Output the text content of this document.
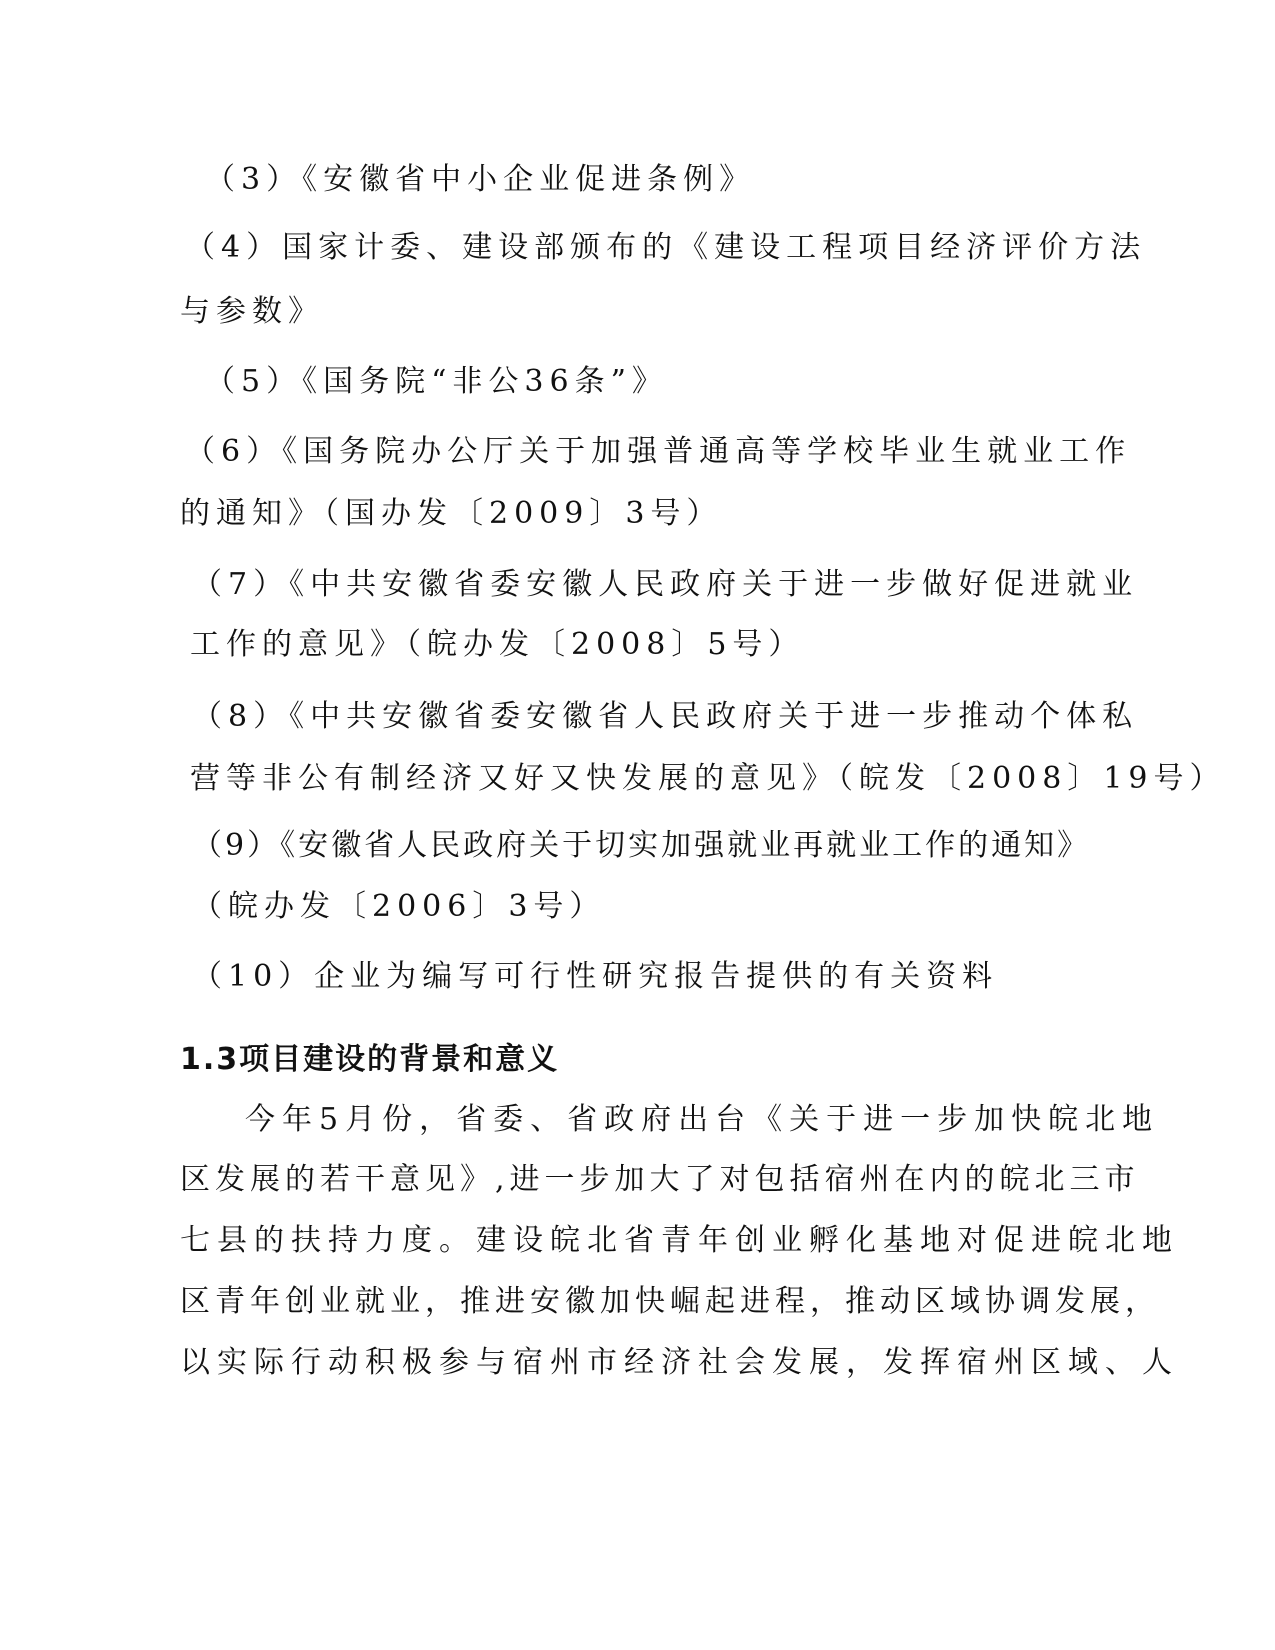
（3）《安徽省中小企业促进条例》
（4）国家计委、建设部颁布的《建设工程项目经济评价方法
与参数》
（5）《国务院“非公36条”》
（6）《国务院办公厅关于加强普通高等学校毕业生就业工作
的通知》（国办发〔2009〕3号）
（7）《中共安徽省委安徽人民政府关于进一步做好促进就业
工作的意见》（皖办发〔2008〕5号）
（8）《中共安徽省委安徽省人民政府关于进一步推动个体私
营等非公有制经济又好又快发展的意见》（皖发〔2008〕19号）
（9）《安徽省人民政府关于切实加强就业再就业工作的通知》
（皖办发〔2006〕3号）
（10）企业为编写可行性研究报告提供的有关资料
1.3项目建设的背景和意义
今年5月份，省委、省政府出台《关于进一步加快皖北地
区发展的若干意见》,进一步加大了对包括宿州在内的皖北三市
七县的扶持力度。建设皖北省青年创业孵化基地对促进皖北地
区青年创业就业，推进安徽加快崛起进程，推动区域协调发展，
以实际行动积极参与宿州市经济社会发展，发挥宿州区域、人
